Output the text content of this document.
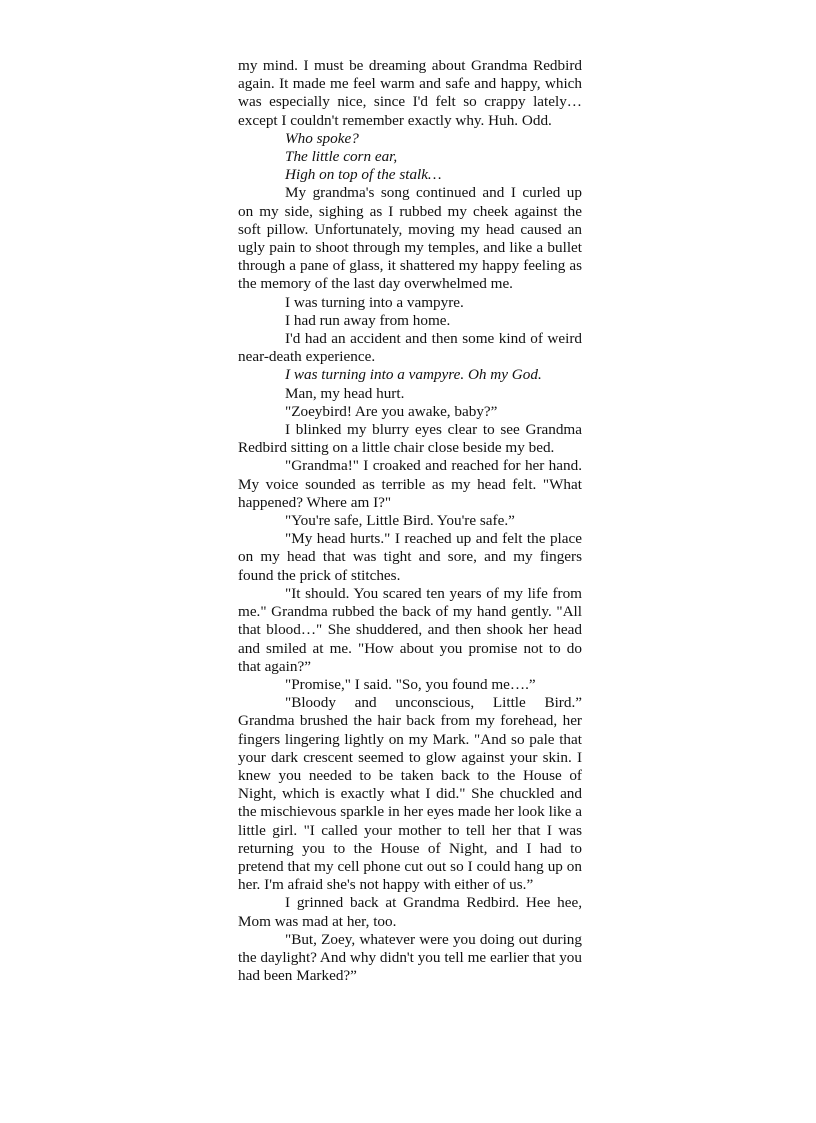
my mind. I must be dreaming about Grandma Redbird again. It made me feel warm and safe and happy, which was especially nice, since I'd felt so crappy lately…except I couldn't remember exactly why. Huh. Odd.

Who spoke?

The little corn ear,

High on top of the stalk…

My grandma's song continued and I curled up on my side, sighing as I rubbed my cheek against the soft pillow. Unfortunately, moving my head caused an ugly pain to shoot through my temples, and like a bullet through a pane of glass, it shattered my happy feeling as the memory of the last day overwhelmed me.

I was turning into a vampyre.

I had run away from home.

I'd had an accident and then some kind of weird near-death experience.

I was turning into a vampyre. Oh my God.

Man, my head hurt.

"Zoeybird! Are you awake, baby?”

I blinked my blurry eyes clear to see Grandma Redbird sitting on a little chair close beside my bed.

"Grandma!" I croaked and reached for her hand. My voice sounded as terrible as my head felt. "What happened? Where am I?"

"You're safe, Little Bird. You're safe.”

"My head hurts." I reached up and felt the place on my head that was tight and sore, and my fingers found the prick of stitches.

"It should. You scared ten years of my life from me." Grandma rubbed the back of my hand gently. "All that blood…" She shuddered, and then shook her head and smiled at me. "How about you promise not to do that again?”

"Promise," I said. "So, you found me….”

"Bloody and unconscious, Little Bird.” Grandma brushed the hair back from my forehead, her fingers lingering lightly on my Mark. "And so pale that your dark crescent seemed to glow against your skin. I knew you needed to be taken back to the House of Night, which is exactly what I did." She chuckled and the mischievous sparkle in her eyes made her look like a little girl. "I called your mother to tell her that I was returning you to the House of Night, and I had to pretend that my cell phone cut out so I could hang up on her. I'm afraid she's not happy with either of us.”

I grinned back at Grandma Redbird. Hee hee, Mom was mad at her, too.

"But, Zoey, whatever were you doing out during the daylight? And why didn't you tell me earlier that you had been Marked?”
